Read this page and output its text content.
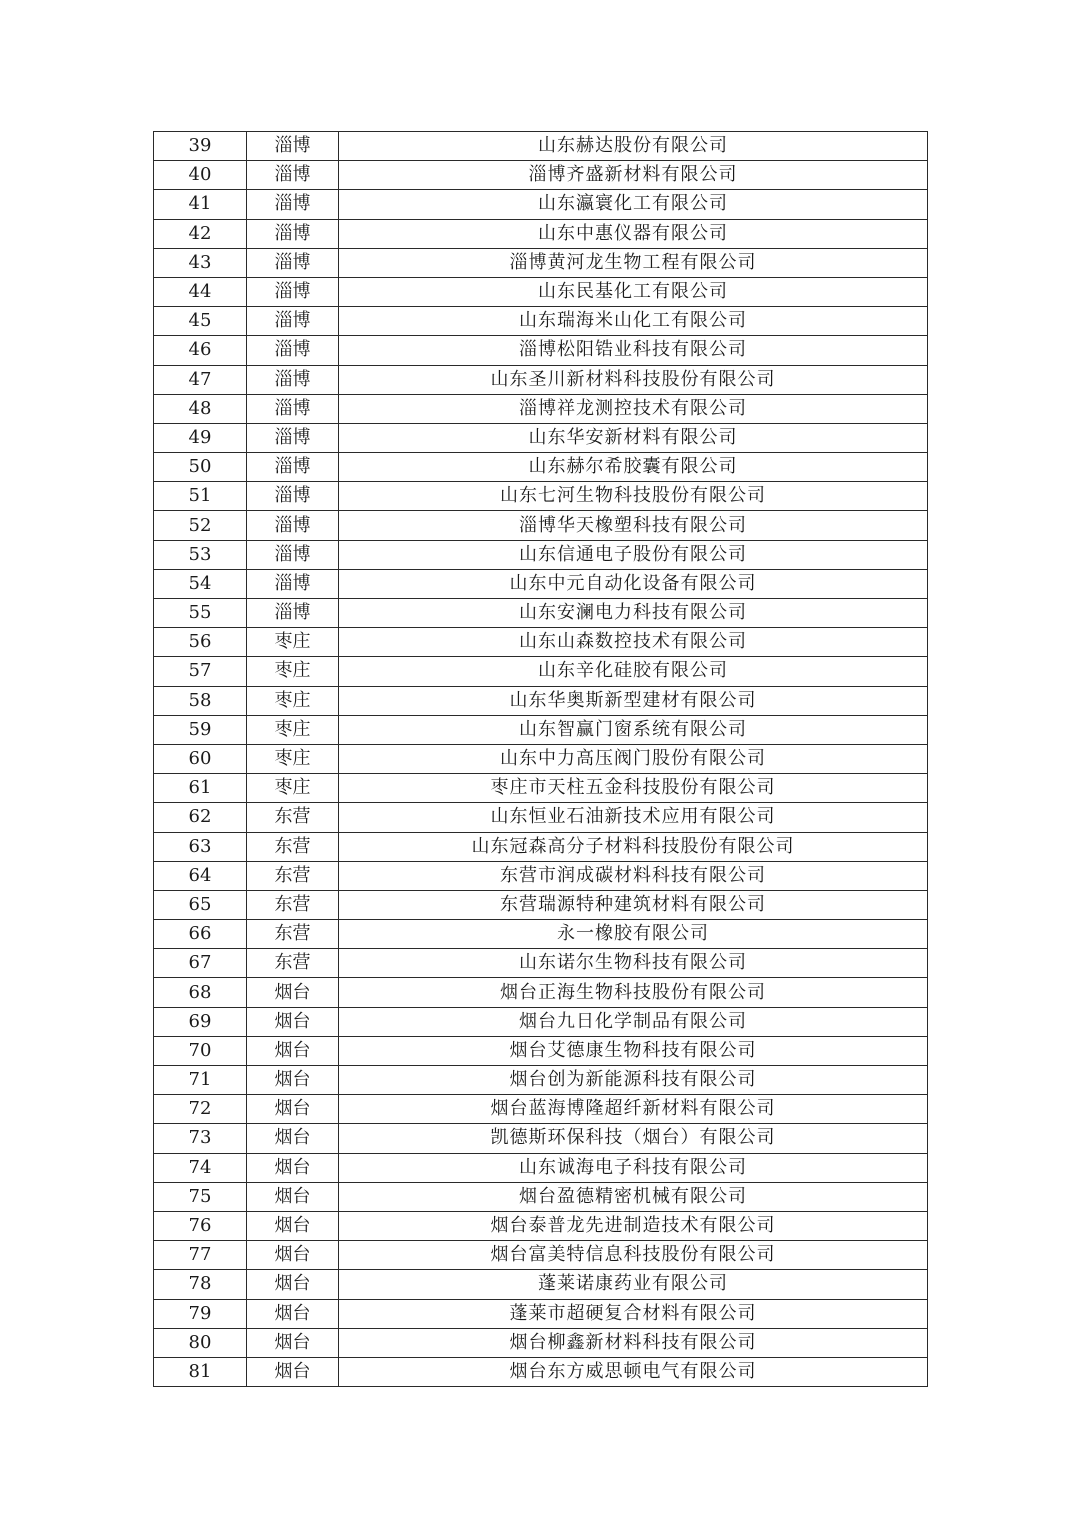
39	淄博	山东赫达股份有限公司
40	淄博	淄博齐盛新材料有限公司
41	淄博	山东瀛寰化工有限公司
42	淄博	山东中惠仪器有限公司
43	淄博	淄博黄河龙生物工程有限公司
44	淄博	山东民基化工有限公司
45	淄博	山东瑞海米山化工有限公司
46	淄博	淄博松阳锆业科技有限公司
47	淄博	山东圣川新材料科技股份有限公司
48	淄博	淄博祥龙测控技术有限公司
49	淄博	山东华安新材料有限公司
50	淄博	山东赫尔希胶囊有限公司
51	淄博	山东七河生物科技股份有限公司
52	淄博	淄博华天橡塑科技有限公司
53	淄博	山东信通电子股份有限公司
54	淄博	山东中元自动化设备有限公司
55	淄博	山东安澜电力科技有限公司
56	枣庄	山东山森数控技术有限公司
57	枣庄	山东辛化硅胶有限公司
58	枣庄	山东华奥斯新型建材有限公司
59	枣庄	山东智赢门窗系统有限公司
60	枣庄	山东中力高压阀门股份有限公司
61	枣庄	枣庄市天柱五金科技股份有限公司
62	东营	山东恒业石油新技术应用有限公司
63	东营	山东冠森高分子材料科技股份有限公司
64	东营	东营市润成碳材料科技有限公司
65	东营	东营瑞源特种建筑材料有限公司
66	东营	永一橡胶有限公司
67	东营	山东诺尔生物科技有限公司
68	烟台	烟台正海生物科技股份有限公司
69	烟台	烟台九日化学制品有限公司
70	烟台	烟台艾德康生物科技有限公司
71	烟台	烟台创为新能源科技有限公司
72	烟台	烟台蓝海博隆超纤新材料有限公司
73	烟台	凯德斯环保科技（烟台）有限公司
74	烟台	山东诚海电子科技有限公司
75	烟台	烟台盈德精密机械有限公司
76	烟台	烟台泰普龙先进制造技术有限公司
77	烟台	烟台富美特信息科技股份有限公司
78	烟台	蓬莱诺康药业有限公司
79	烟台	蓬莱市超硬复合材料有限公司
80	烟台	烟台柳鑫新材料科技有限公司
81	烟台	烟台东方威思顿电气有限公司
